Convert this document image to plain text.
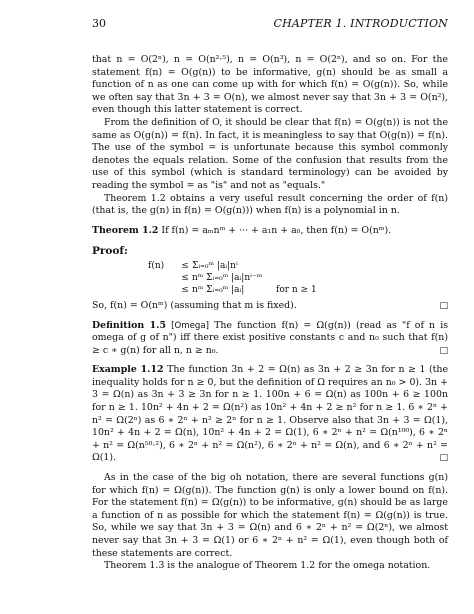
30	CHAPTER 1. INTRODUCTION

that n = O(2ⁿ), n = O(n²·⁵), n = O(n³), n = O(2ⁿ), and so on. For the statement f(n) = O(g(n)) to be informative, g(n) should be as small a function of n as one can come up with for which f(n) = O(g(n)). So, while we often say that 3n + 3 = O(n), we almost never say that 3n + 3 = O(n²), even though this latter statement is correct.

From the definition of O, it should be clear that f(n) = O(g(n)) is not the same as O(g(n)) = f(n). In fact, it is meaningless to say that O(g(n)) = f(n). The use of the symbol = is unfortunate because this symbol commonly denotes the equals relation. Some of the confusion that results from the use of this symbol (which is standard terminology) can be avoided by reading the symbol = as "is" and not as "equals."

Theorem 1.2 obtains a very useful result concerning the order of f(n) (that is, the g(n) in f(n) = O(g(n))) when f(n) is a polynomial in n.

Theorem 1.2 If f(n) = aₘnᵐ + ··· + a₁n + a₀, then f(n) = O(nᵐ).
Proof:
f(n)	≤ Σᵢ₌₀ᵐ |aᵢ|nⁱ
≤ nᵐ Σᵢ₌₀ᵐ |aᵢ|nⁱ⁻ᵐ
≤ nᵐ Σᵢ₌₀ᵐ |aᵢ|	for n ≥ 1

So, f(n) = O(nᵐ) (assuming that m is fixed).	□

Definition 1.5 [Omega] The function f(n) = Ω(g(n)) (read as "f of n is omega of g of n") iff there exist positive constants c and n₀ such that f(n) ≥ c ∗ g(n) for all n, n ≥ n₀.	□
Example 1.12 The function 3n + 2 = Ω(n) as 3n + 2 ≥ 3n for n ≥ 1 (the inequality holds for n ≥ 0, but the definition of Ω requires an n₀ > 0). 3n + 3 = Ω(n) as 3n + 3 ≥ 3n for n ≥ 1. 100n + 6 = Ω(n) as 100n + 6 ≥ 100n for n ≥ 1. 10n² + 4n + 2 = Ω(n²) as 10n² + 4n + 2 ≥ n² for n ≥ 1. 6 ∗ 2ⁿ + n² = Ω(2ⁿ) as 6 ∗ 2ⁿ + n² ≥ 2ⁿ for n ≥ 1. Observe also that 3n + 3 = Ω(1), 10n² + 4n + 2 = Ω(n), 10n² + 4n + 2 = Ω(1), 6 ∗ 2ⁿ + n² = Ω(n¹⁰⁰), 6 ∗ 2ⁿ + n² = Ω(n⁵⁰·²), 6 ∗ 2ⁿ + n² = Ω(n²), 6 ∗ 2ⁿ + n² = Ω(n), and 6 ∗ 2ⁿ + n² = Ω(1).	□

As in the case of the big oh notation, there are several functions g(n) for which f(n) = Ω(g(n)). The function g(n) is only a lower bound on f(n). For the statement f(n) = Ω(g(n)) to be informative, g(n) should be as large a function of n as possible for which the statement f(n) = Ω(g(n)) is true. So, while we say that 3n + 3 = Ω(n) and 6 ∗ 2ⁿ + n² = Ω(2ⁿ), we almost never say that 3n + 3 = Ω(1) or 6 ∗ 2ⁿ + n² = Ω(1), even though both of these statements are correct.

Theorem 1.3 is the analogue of Theorem 1.2 for the omega notation.
